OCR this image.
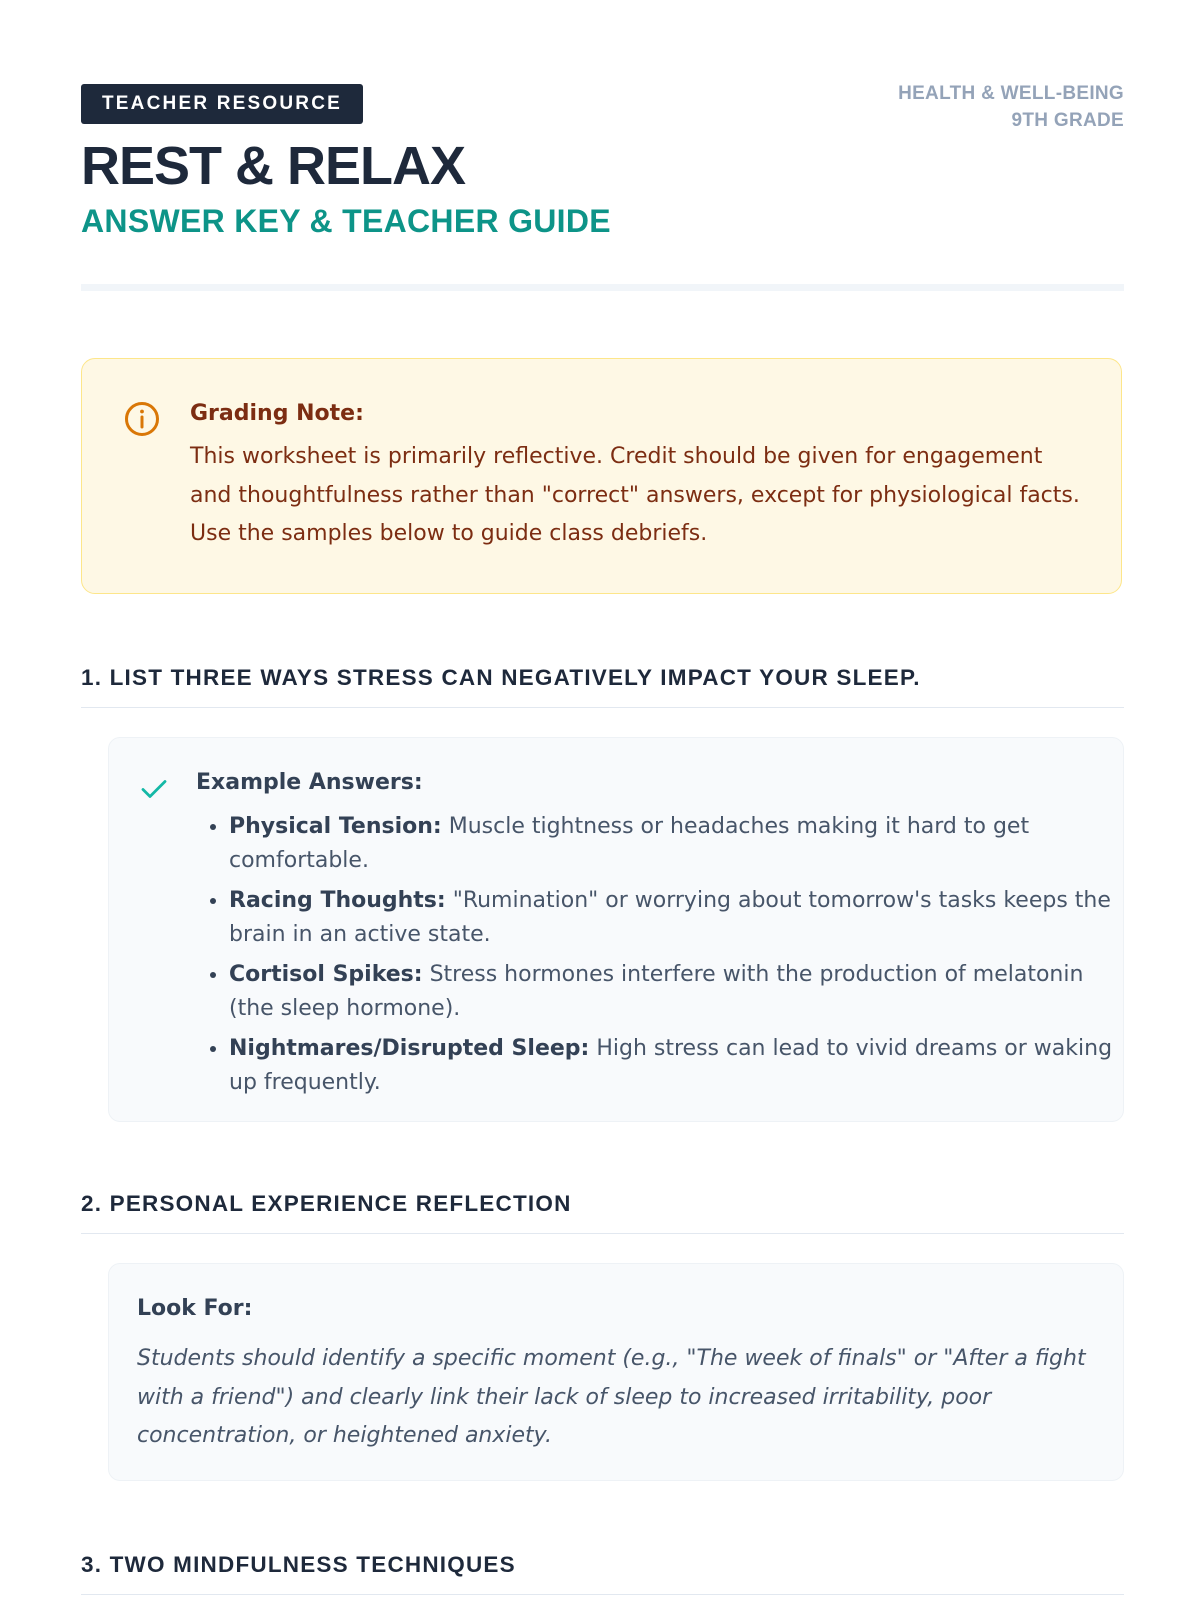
TEACHER RESOURCE	HEALTH & WELL-BEING
9TH GRADE
REST & RELAX
ANSWER KEY & TEACHER GUIDE
Grading Note:
This worksheet is primarily reflective. Credit should be given for engagement and thoughtfulness rather than "correct" answers, except for physiological facts. Use the samples below to guide class debriefs.
1. LIST THREE WAYS STRESS CAN NEGATIVELY IMPACT YOUR SLEEP.
Example Answers:
• Physical Tension: Muscle tightness or headaches making it hard to get comfortable.
• Racing Thoughts: "Rumination" or worrying about tomorrow's tasks keeps the brain in an active state.
• Cortisol Spikes: Stress hormones interfere with the production of melatonin (the sleep hormone).
• Nightmares/Disrupted Sleep: High stress can lead to vivid dreams or waking up frequently.
2. PERSONAL EXPERIENCE REFLECTION
Look For:
Students should identify a specific moment (e.g., "The week of finals" or "After a fight with a friend") and clearly link their lack of sleep to increased irritability, poor concentration, or heightened anxiety.
3. TWO MINDFULNESS TECHNIQUES
